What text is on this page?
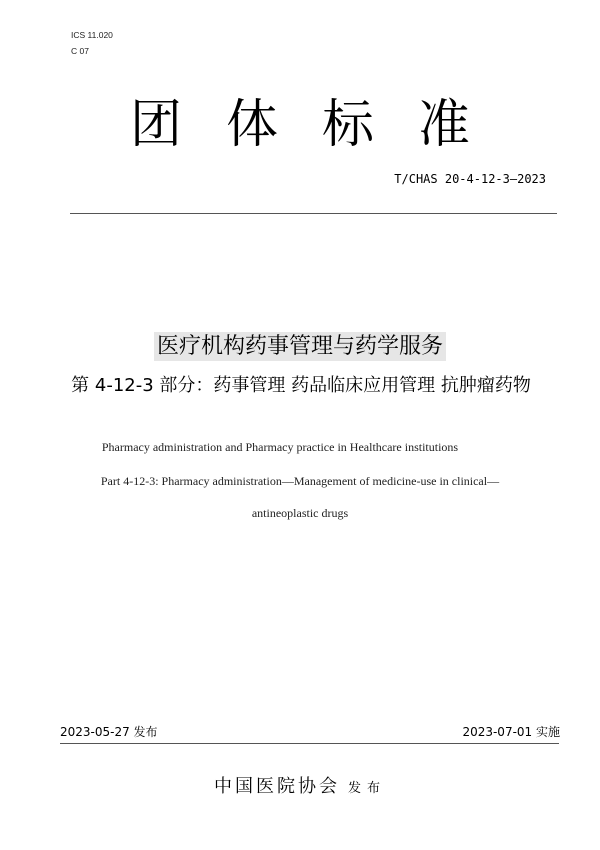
ICS 11.020
C 07
团体标准
T/CHAS 20-4-12-3—2023
医疗机构药事管理与药学服务
第 4-12-3 部分：药事管理 药品临床应用管理 抗肿瘤药物
Pharmacy administration and Pharmacy practice in Healthcare institutions
Part 4-12-3: Pharmacy administration—Management of medicine-use in clinical—
antineoplastic drugs
2023-05-27 发布	2023-07-01 实施
中国医院协会 发布
